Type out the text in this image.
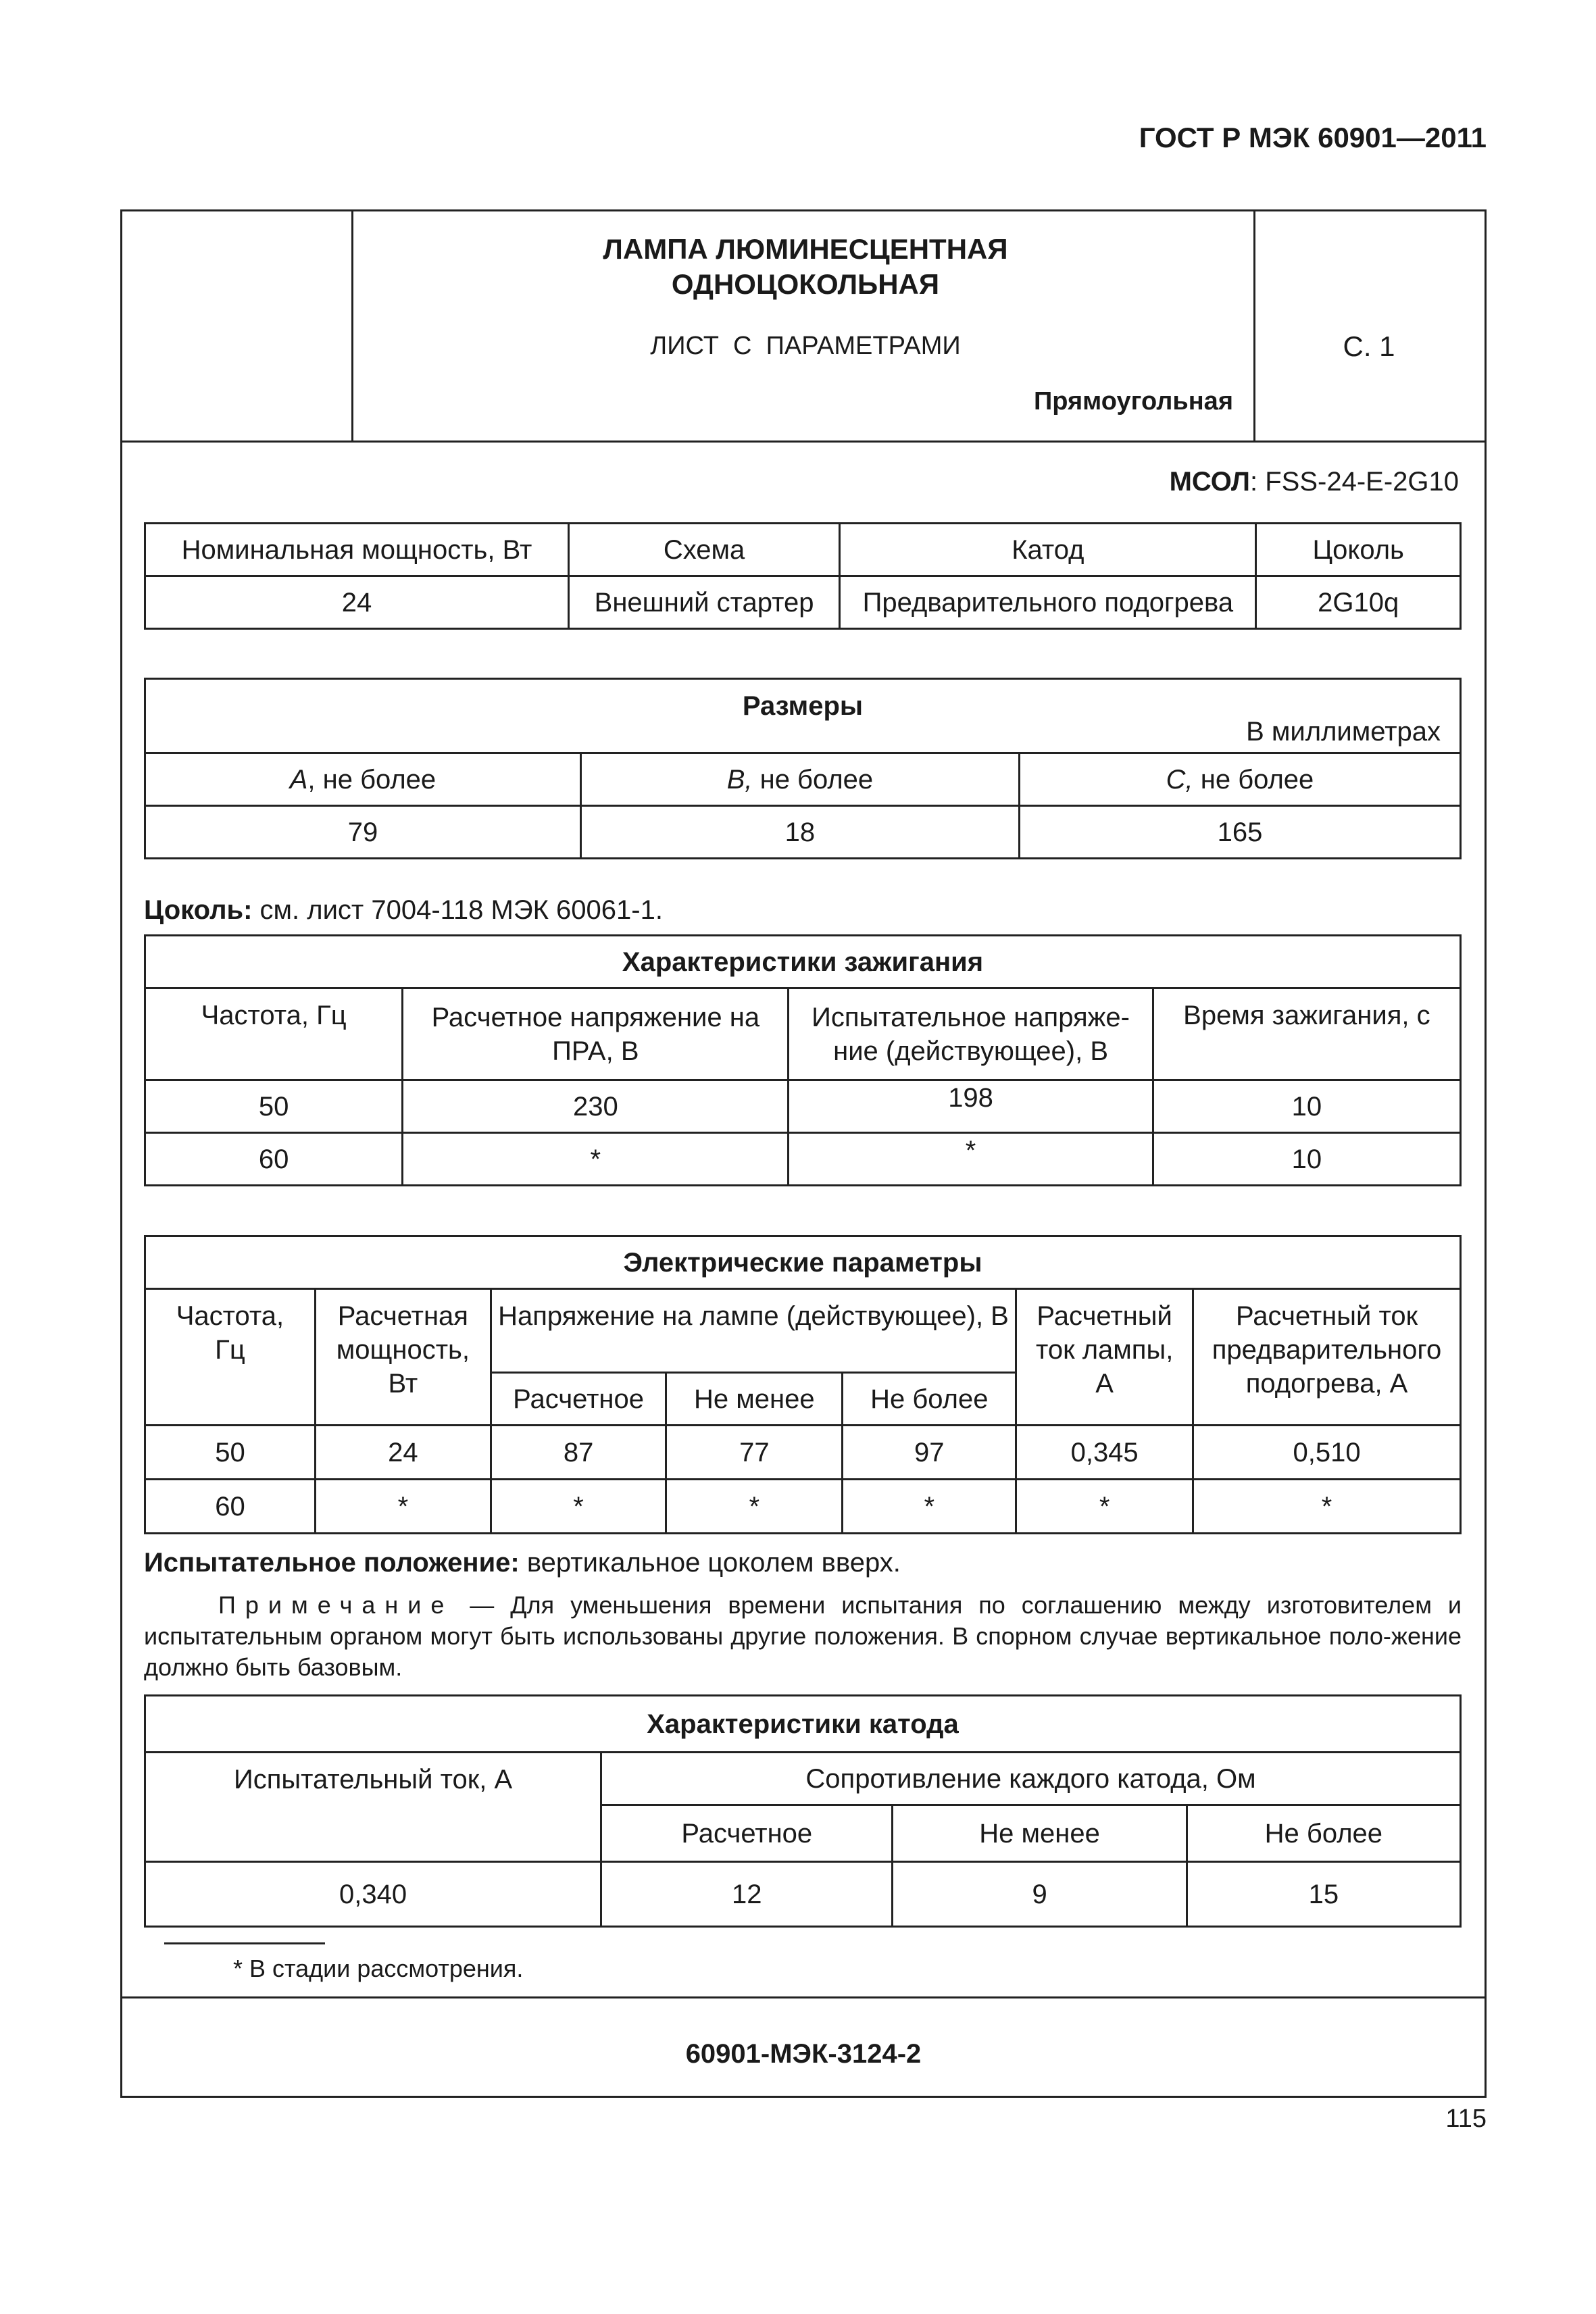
ГОСТ Р МЭК 60901—2011
ЛАМПА ЛЮМИНЕСЦЕНТНАЯ
ОДНОЦОКОЛЬНАЯ
ЛИСТ  С  ПАРАМЕТРАМИ
Прямоугольная
С. 1
МСОЛ: FSS-24-E-2G10
Номинальная мощность, Вт	Схема	Катод	Цоколь
24	Внешний стартер	Предварительного подогрева	2G10q
Размеры
В миллиметрах		

A, не более	B, не более	C, не более
79	18	165
Цоколь: см. лист 7004-118 МЭК 60061-1.
Характеристики зажигания			
Частота, Гц	Расчетное напряжение на ПРА, В	Испытательное напряже-ние (действующее), В	Время зажигания, с
50	230	198	10
60	*	*	10
Электрические параметры						
Частота, Гц	Расчетная мощность, Вт	Напряжение на лампе (действующее), В			Расчетный ток лампы, А	Расчетный ток предварительного подогрева, А
		Расчетное	Не менее	Не более		
50	24	87	77	97	0,345	0,510
60	*	*	*	*	*	*
Испытательное положение: вертикальное цоколем вверх.
Примечание — Для уменьшения времени испытания по соглашению между изготовителем и испытательным органом могут быть использованы другие положения. В спорном случае вертикальное поло-жение должно быть базовым.
Характеристики катода			
Испытательный ток, А	Сопротивление каждого катода, Ом		
	Расчетное	Не менее	Не более
0,340	12	9	15
* В стадии рассмотрения.
60901-МЭК-3124-2
115
